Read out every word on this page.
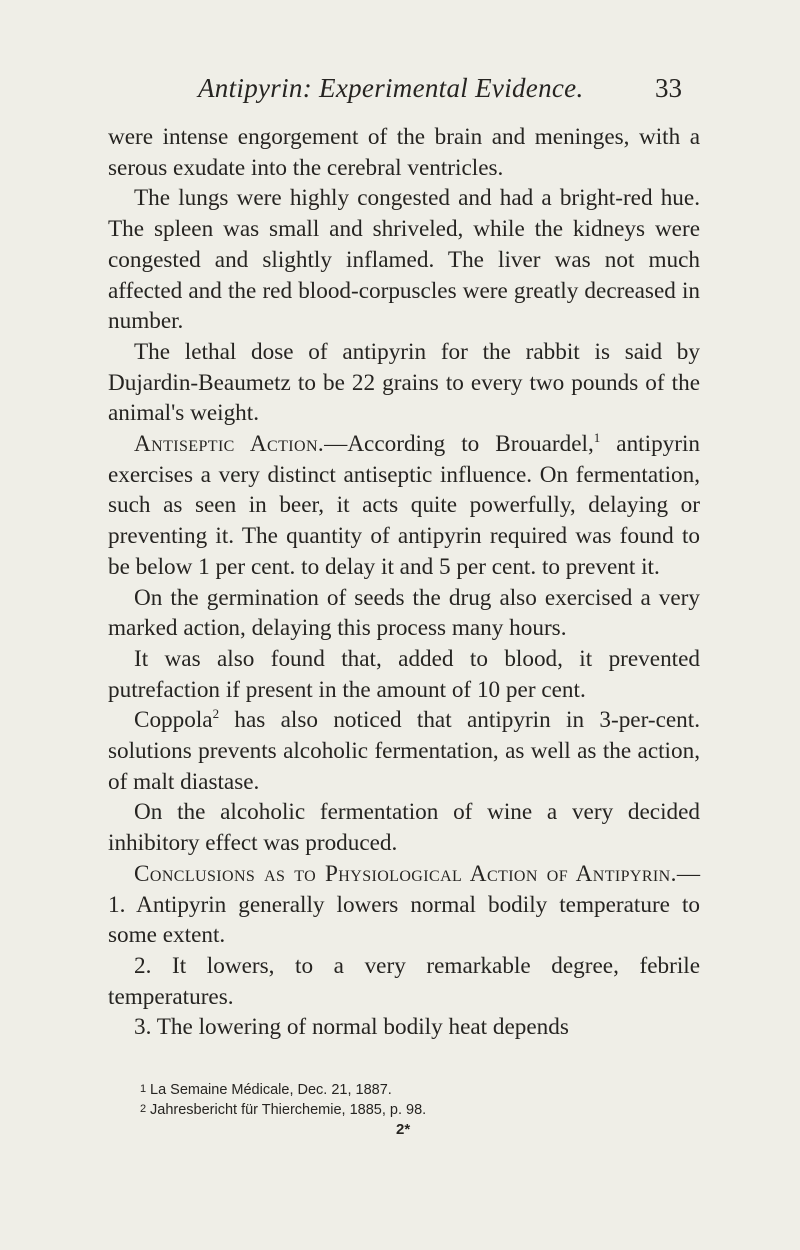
Antipyrin: Experimental Evidence.	33

were intense engorgement of the brain and meninges, with a serous exudate into the cerebral ventricles.

The lungs were highly congested and had a bright-red hue. The spleen was small and shriveled, while the kidneys were congested and slightly inflamed. The liver was not much affected and the red blood-corpuscles were greatly decreased in number.

The lethal dose of antipyrin for the rabbit is said by Dujardin-Beaumetz to be 22 grains to every two pounds of the animal's weight.

Antiseptic Action.—According to Brouardel,$^1$ antipyrin exercises a very distinct antiseptic influence. On fermentation, such as seen in beer, it acts quite powerfully, delaying or preventing it. The quantity of antipyrin required was found to be below 1 per cent. to delay it and 5 per cent. to prevent it.

On the germination of seeds the drug also exercised a very marked action, delaying this process many hours.

It was also found that, added to blood, it prevented putrefaction if present in the amount of 10 per cent.

Coppola$^2$ has also noticed that antipyrin in 3-per-cent. solutions prevents alcoholic fermentation, as well as the action, of malt diastase.

On the alcoholic fermentation of wine a very decided inhibitory effect was produced.

Conclusions as to Physiological Action of Antipyrin.—1. Antipyrin generally lowers normal bodily temperature to some extent.

2. It lowers, to a very remarkable degree, febrile temperatures.

3. The lowering of normal bodily heat depends

1 La Semaine Médicale, Dec. 21, 1887.

2 Jahresbericht für Thierchemie, 1885, p. 98.

2*
